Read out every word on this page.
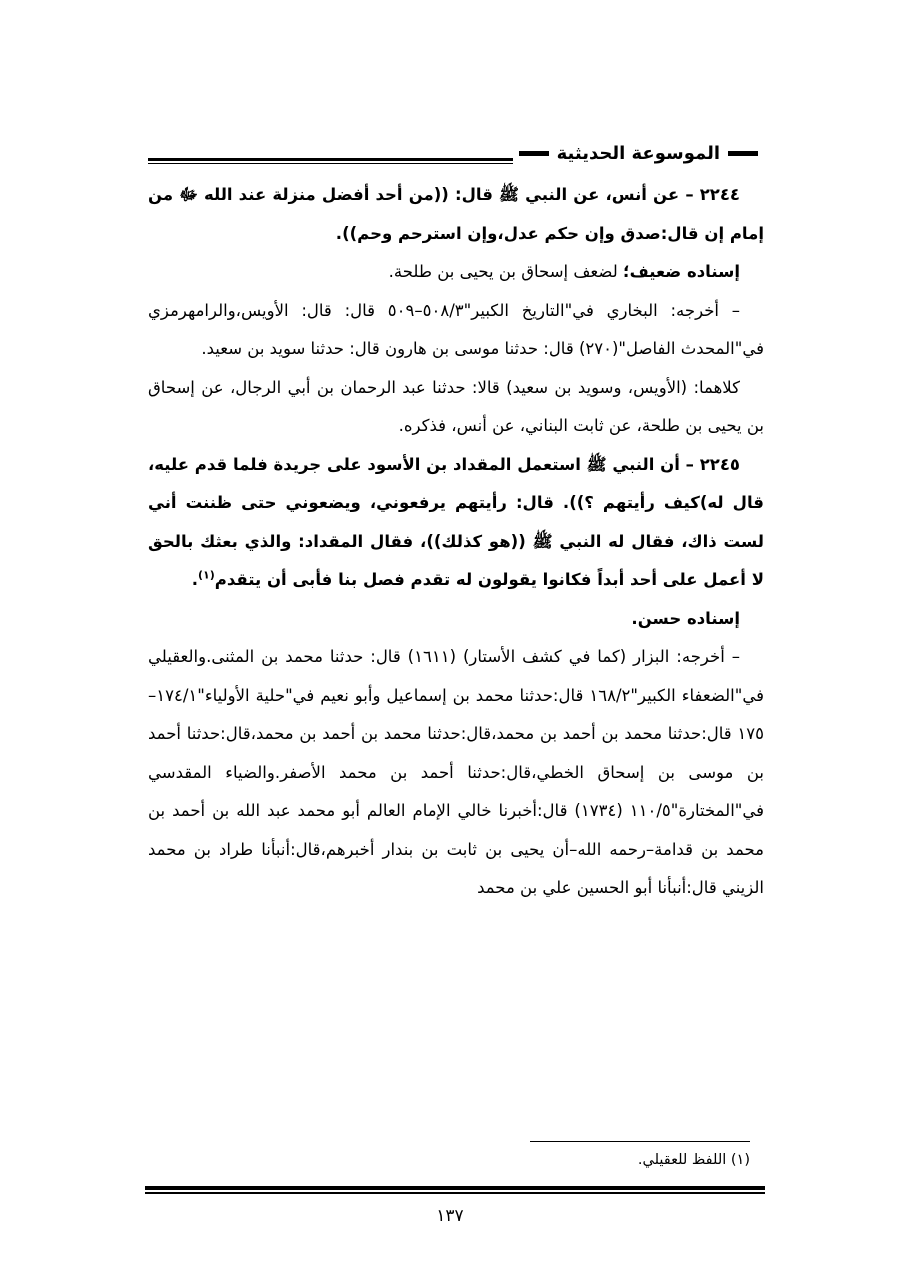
الموسوعة الحديثية

٢٢٤٤ – عن أنس، عن النبي ﷺ قال: ((من أحد أفضل منزلة عند الله ﷻ من إمام إن قال:صدق وإن حكم عدل،وإن استرحم وحم)).

إسناده ضعيف؛ لضعف إسحاق بن يحيى بن طلحة.

– أخرجه: البخاري في"التاريخ الكبير"٥٠٨/٣–٥٠٩ قال: قال: الأويس،والرامهرمزي في"المحدث الفاصل"(٢٧٠) قال: حدثنا موسى بن هارون قال: حدثنا سويد بن سعيد.

كلاهما: (الأويس، وسويد بن سعيد) قالا: حدثنا عبد الرحمان بن أبي الرجال، عن إسحاق بن يحيى بن طلحة، عن ثابت البناني، عن أنس، فذكره.

٢٢٤٥ – أن النبي ﷺ استعمل المقداد بن الأسود على جريدة فلما قدم عليه، قال له)كيف رأيتهم ؟)). قال: رأيتهم يرفعوني، ويضعوني حتى ظننت أني لست ذاك، فقال له النبي ﷺ ((هو كذلك))، فقال المقداد: والذي بعثك بالحق لا أعمل على أحد أبداً فكانوا يقولون له تقدم فصل بنا فأبى أن يتقدم$^{(١)}$.

إسناده حسن.

– أخرجه: البزار (كما في كشف الأستار) (١٦١١) قال: حدثنا محمد بن المثنى.والعقيلي في"الضعفاء الكبير"١٦٨/٢ قال:حدثنا محمد بن إسماعيل وأبو نعيم في"حلية الأولياء"١٧٤/١–١٧٥ قال:حدثنا محمد بن أحمد بن محمد،قال:حدثنا محمد بن أحمد بن محمد،قال:حدثنا أحمد بن موسى بن إسحاق الخطي،قال:حدثنا أحمد بن محمد الأصفر.والضياء المقدسي في"المختارة"١١٠/٥ (١٧٣٤) قال:أخبرنا خالي الإمام العالم أبو محمد عبد الله بن أحمد بن محمد بن قدامة–رحمه الله–أن يحيى بن ثابت بن بندار أخبرهم،قال:أنبأنا طراد بن محمد الزيني قال:أنبأنا أبو الحسين علي بن محمد

(١) اللفظ للعقيلي.
١٣٧
